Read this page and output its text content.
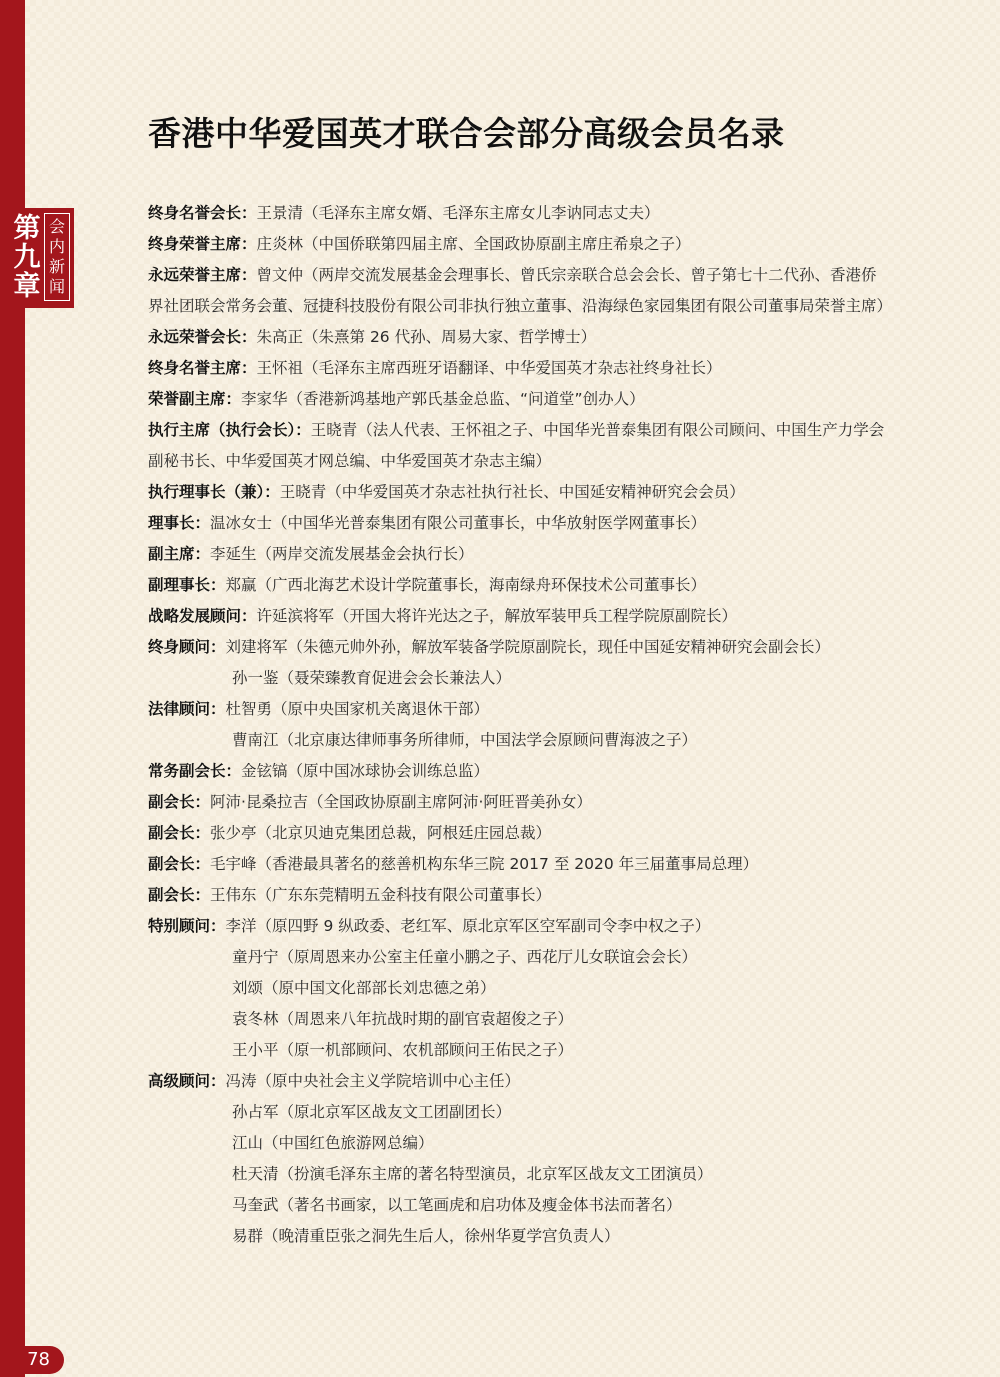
第
九
章
会
内
新
闻
香港中华爱国英才联合会部分高级会员名录

终身名誉会长：王景清（毛泽东主席女婿、毛泽东主席女儿李讷同志丈夫）

终身荣誉主席：庄炎林（中国侨联第四届主席、全国政协原副主席庄希泉之子）

永远荣誉主席：曾文仲（两岸交流发展基金会理事长、曾氏宗亲联合总会会长、曾子第七十二代孙、香港侨界社团联会常务会董、冠捷科技股份有限公司非执行独立董事、沿海绿色家园集团有限公司董事局荣誉主席）

永远荣誉会长：朱高正（朱熹第 26 代孙、周易大家、哲学博士）

终身名誉主席：王怀祖（毛泽东主席西班牙语翻译、中华爱国英才杂志社终身社长）

荣誉副主席：李家华（香港新鸿基地产郭氏基金总监、“问道堂”创办人）

执行主席（执行会长）：王晓青（法人代表、王怀祖之子、中国华光普泰集团有限公司顾问、中国生产力学会副秘书长、中华爱国英才网总编、中华爱国英才杂志主编）

执行理事长（兼）：王晓青（中华爱国英才杂志社执行社长、中国延安精神研究会会员）

理事长：温冰女士（中国华光普泰集团有限公司董事长，中华放射医学网董事长）

副主席：李延生（两岸交流发展基金会执行长）

副理事长：郑赢（广西北海艺术设计学院董事长，海南绿舟环保技术公司董事长）

战略发展顾问：许延滨将军（开国大将许光达之子，解放军装甲兵工程学院原副院长）

终身顾问：刘建将军（朱德元帅外孙，解放军装备学院原副院长，现任中国延安精神研究会副会长）

孙一鉴（聂荣臻教育促进会会长兼法人）

法律顾问：杜智勇（原中央国家机关离退休干部）

曹南江（北京康达律师事务所律师，中国法学会原顾问曹海波之子）

常务副会长：金铉镐（原中国冰球协会训练总监）

副会长：阿沛·昆桑拉吉（全国政协原副主席阿沛·阿旺晋美孙女）

副会长：张少亭（北京贝迪克集团总裁，阿根廷庄园总裁）

副会长：毛宇峰（香港最具著名的慈善机构东华三院 2017 至 2020 年三届董事局总理）

副会长：王伟东（广东东莞精明五金科技有限公司董事长）

特别顾问：李洋（原四野 9 纵政委、老红军、原北京军区空军副司令李中权之子）

童丹宁（原周恩来办公室主任童小鹏之子、西花厅儿女联谊会会长）

刘颂（原中国文化部部长刘忠德之弟）

袁冬林（周恩来八年抗战时期的副官袁超俊之子）

王小平（原一机部顾问、农机部顾问王佑民之子）

高级顾问：冯涛（原中央社会主义学院培训中心主任）

孙占军（原北京军区战友文工团副团长）

江山（中国红色旅游网总编）

杜天清（扮演毛泽东主席的著名特型演员，北京军区战友文工团演员）

马奎武（著名书画家，以工笔画虎和启功体及瘦金体书法而著名）

易群（晚清重臣张之洞先生后人，徐州华夏学宫负责人）

78
